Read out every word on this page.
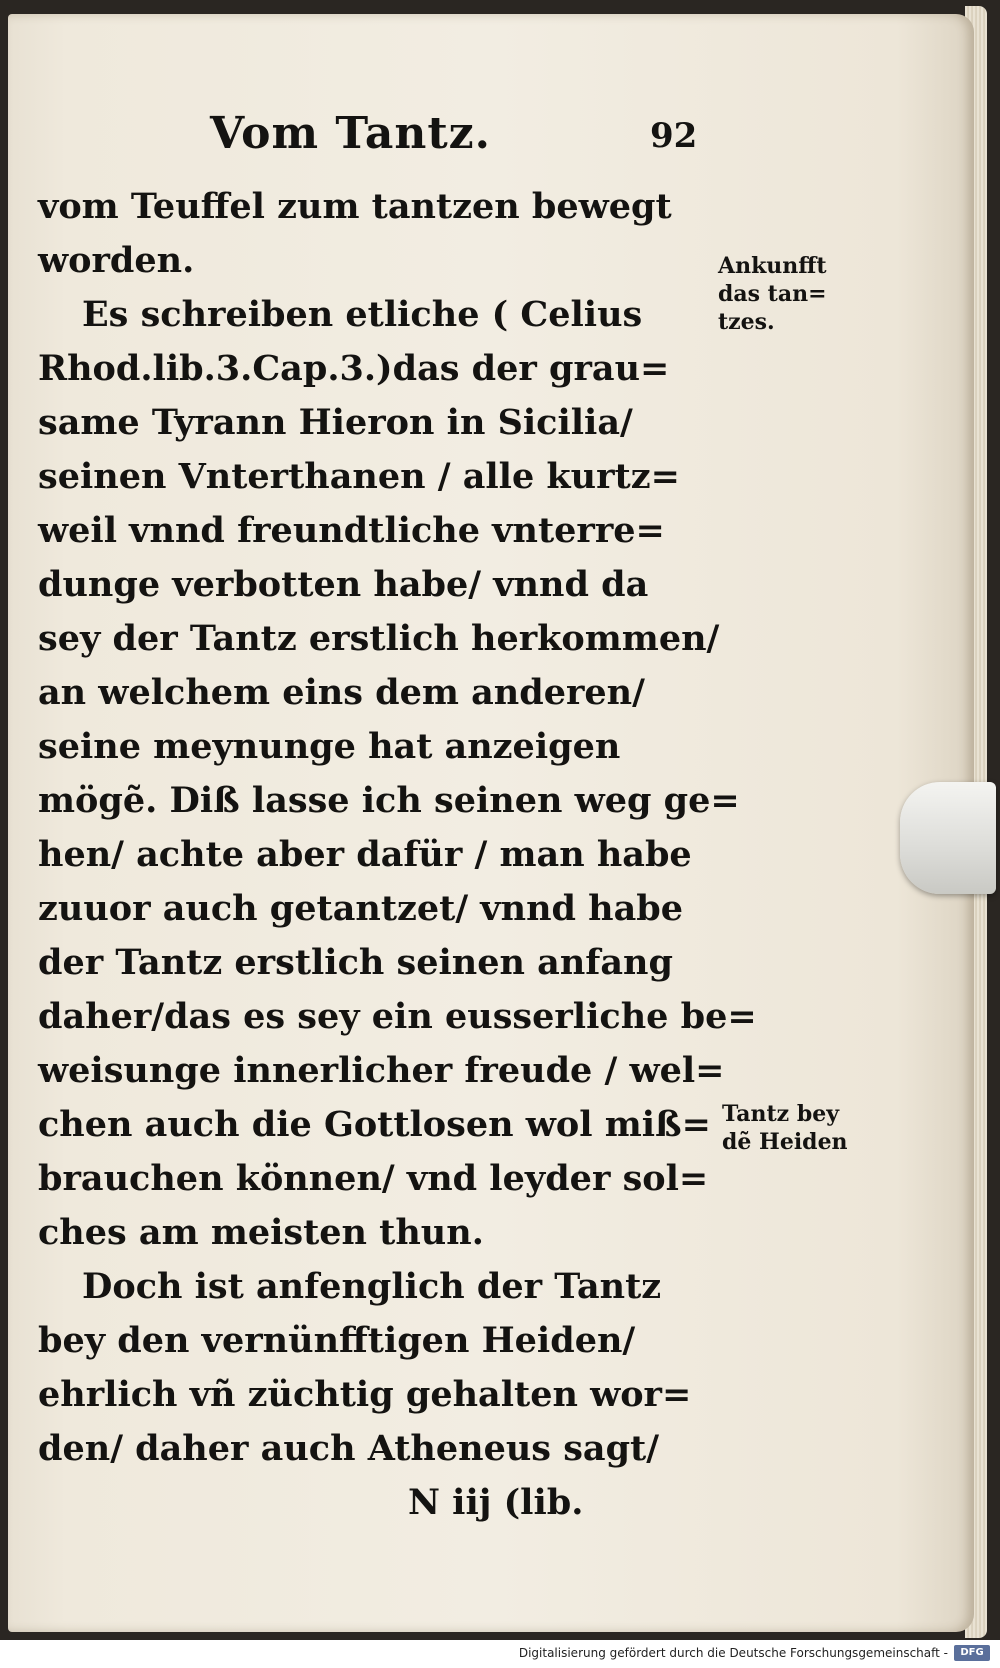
Vom Tantz.	92
vom Teuffel zum tantzen bewegt
worden.
Es schreiben etliche ( Celius
Rhod.lib.3.Cap.3.)das der grau=
same Tyrann Hieron in Sicilia/
seinen Vnterthanen / alle kurtz=
weil vnnd freundtliche vnterre=
dunge verbotten habe/ vnnd da
sey der Tantz erstlich herkommen/
an welchem eins dem anderen/
seine meynunge hat anzeigen
mögẽ. Diß lasse ich seinen weg ge=
hen/ achte aber dafür / man habe
zuuor auch getantzet/ vnnd habe
der Tantz erstlich seinen anfang
daher/das es sey ein eusserliche be=
weisunge innerlicher freude / wel=
chen auch die Gottlosen wol miß=
brauchen können/ vnd leyder sol=
ches am meisten thun.
Doch ist anfenglich der Tantz
bey den vernünfftigen Heiden/
ehrlich vñ züchtig gehalten wor=
den/ daher auch Atheneus sagt/
N iij (lib.
Ankunfft
das tan=
tzes.
Tantz bey
dẽ Heiden
Digitalisierung gefördert durch die Deutsche Forschungsgemeinschaft -	DFG
